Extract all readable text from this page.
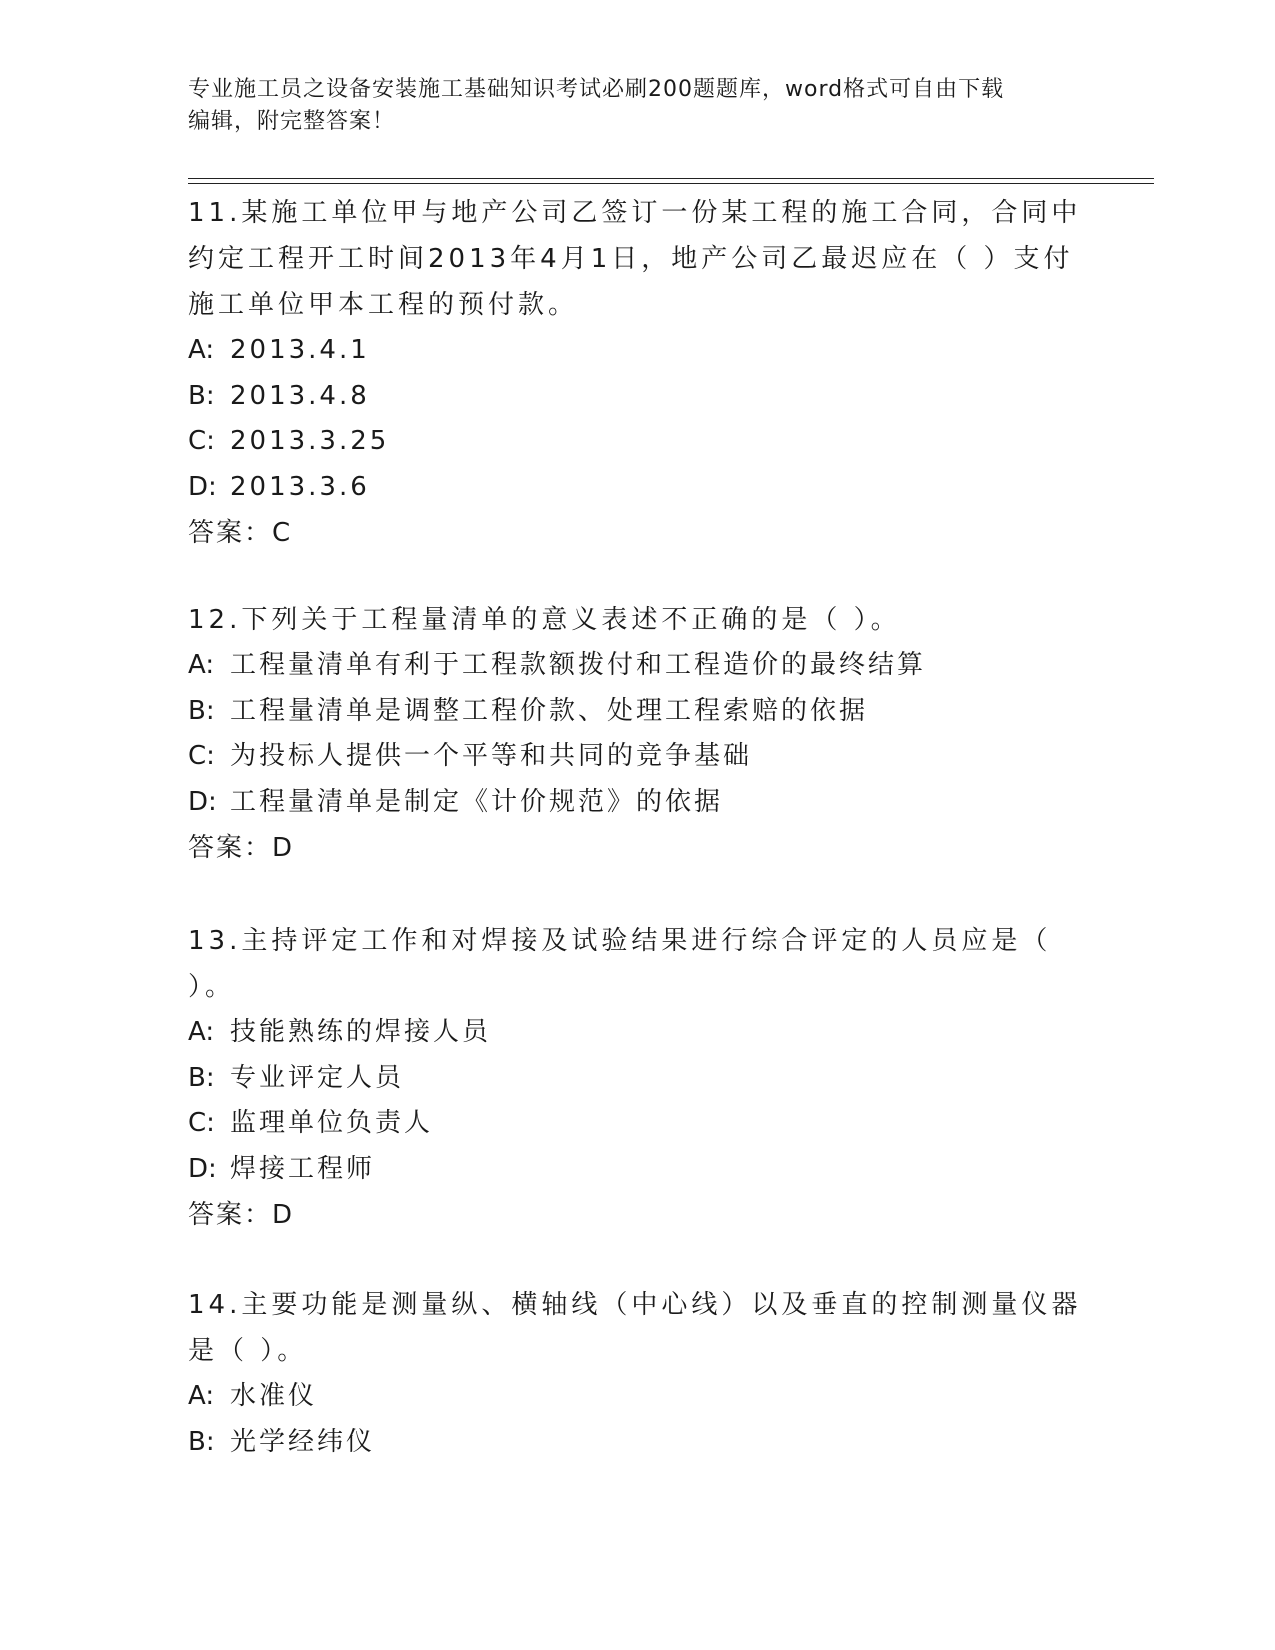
专业施工员之设备安装施工基础知识考试必刷200题题库，word格式可自由下载
编辑，附完整答案！

11.某施工单位甲与地产公司乙签订一份某工程的施工合同，合同中约定工程开工时间2013年4月1日，地产公司乙最迟应在（ ）支付施工单位甲本工程的预付款。

A: 2013.4.1

B: 2013.4.8

C: 2013.3.25

D: 2013.3.6

答案：C

12.下列关于工程量清单的意义表述不正确的是（ ）。

A: 工程量清单有利于工程款额拨付和工程造价的最终结算

B: 工程量清单是调整工程价款、处理工程索赔的依据

C: 为投标人提供一个平等和共同的竞争基础

D: 工程量清单是制定《计价规范》的依据

答案：D

13.主持评定工作和对焊接及试验结果进行综合评定的人员应是（ ）。

A: 技能熟练的焊接人员

B: 专业评定人员

C: 监理单位负责人

D: 焊接工程师

答案：D

14.主要功能是测量纵、横轴线（中心线）以及垂直的控制测量仪器是（ ）。

A: 水准仪

B: 光学经纬仪
